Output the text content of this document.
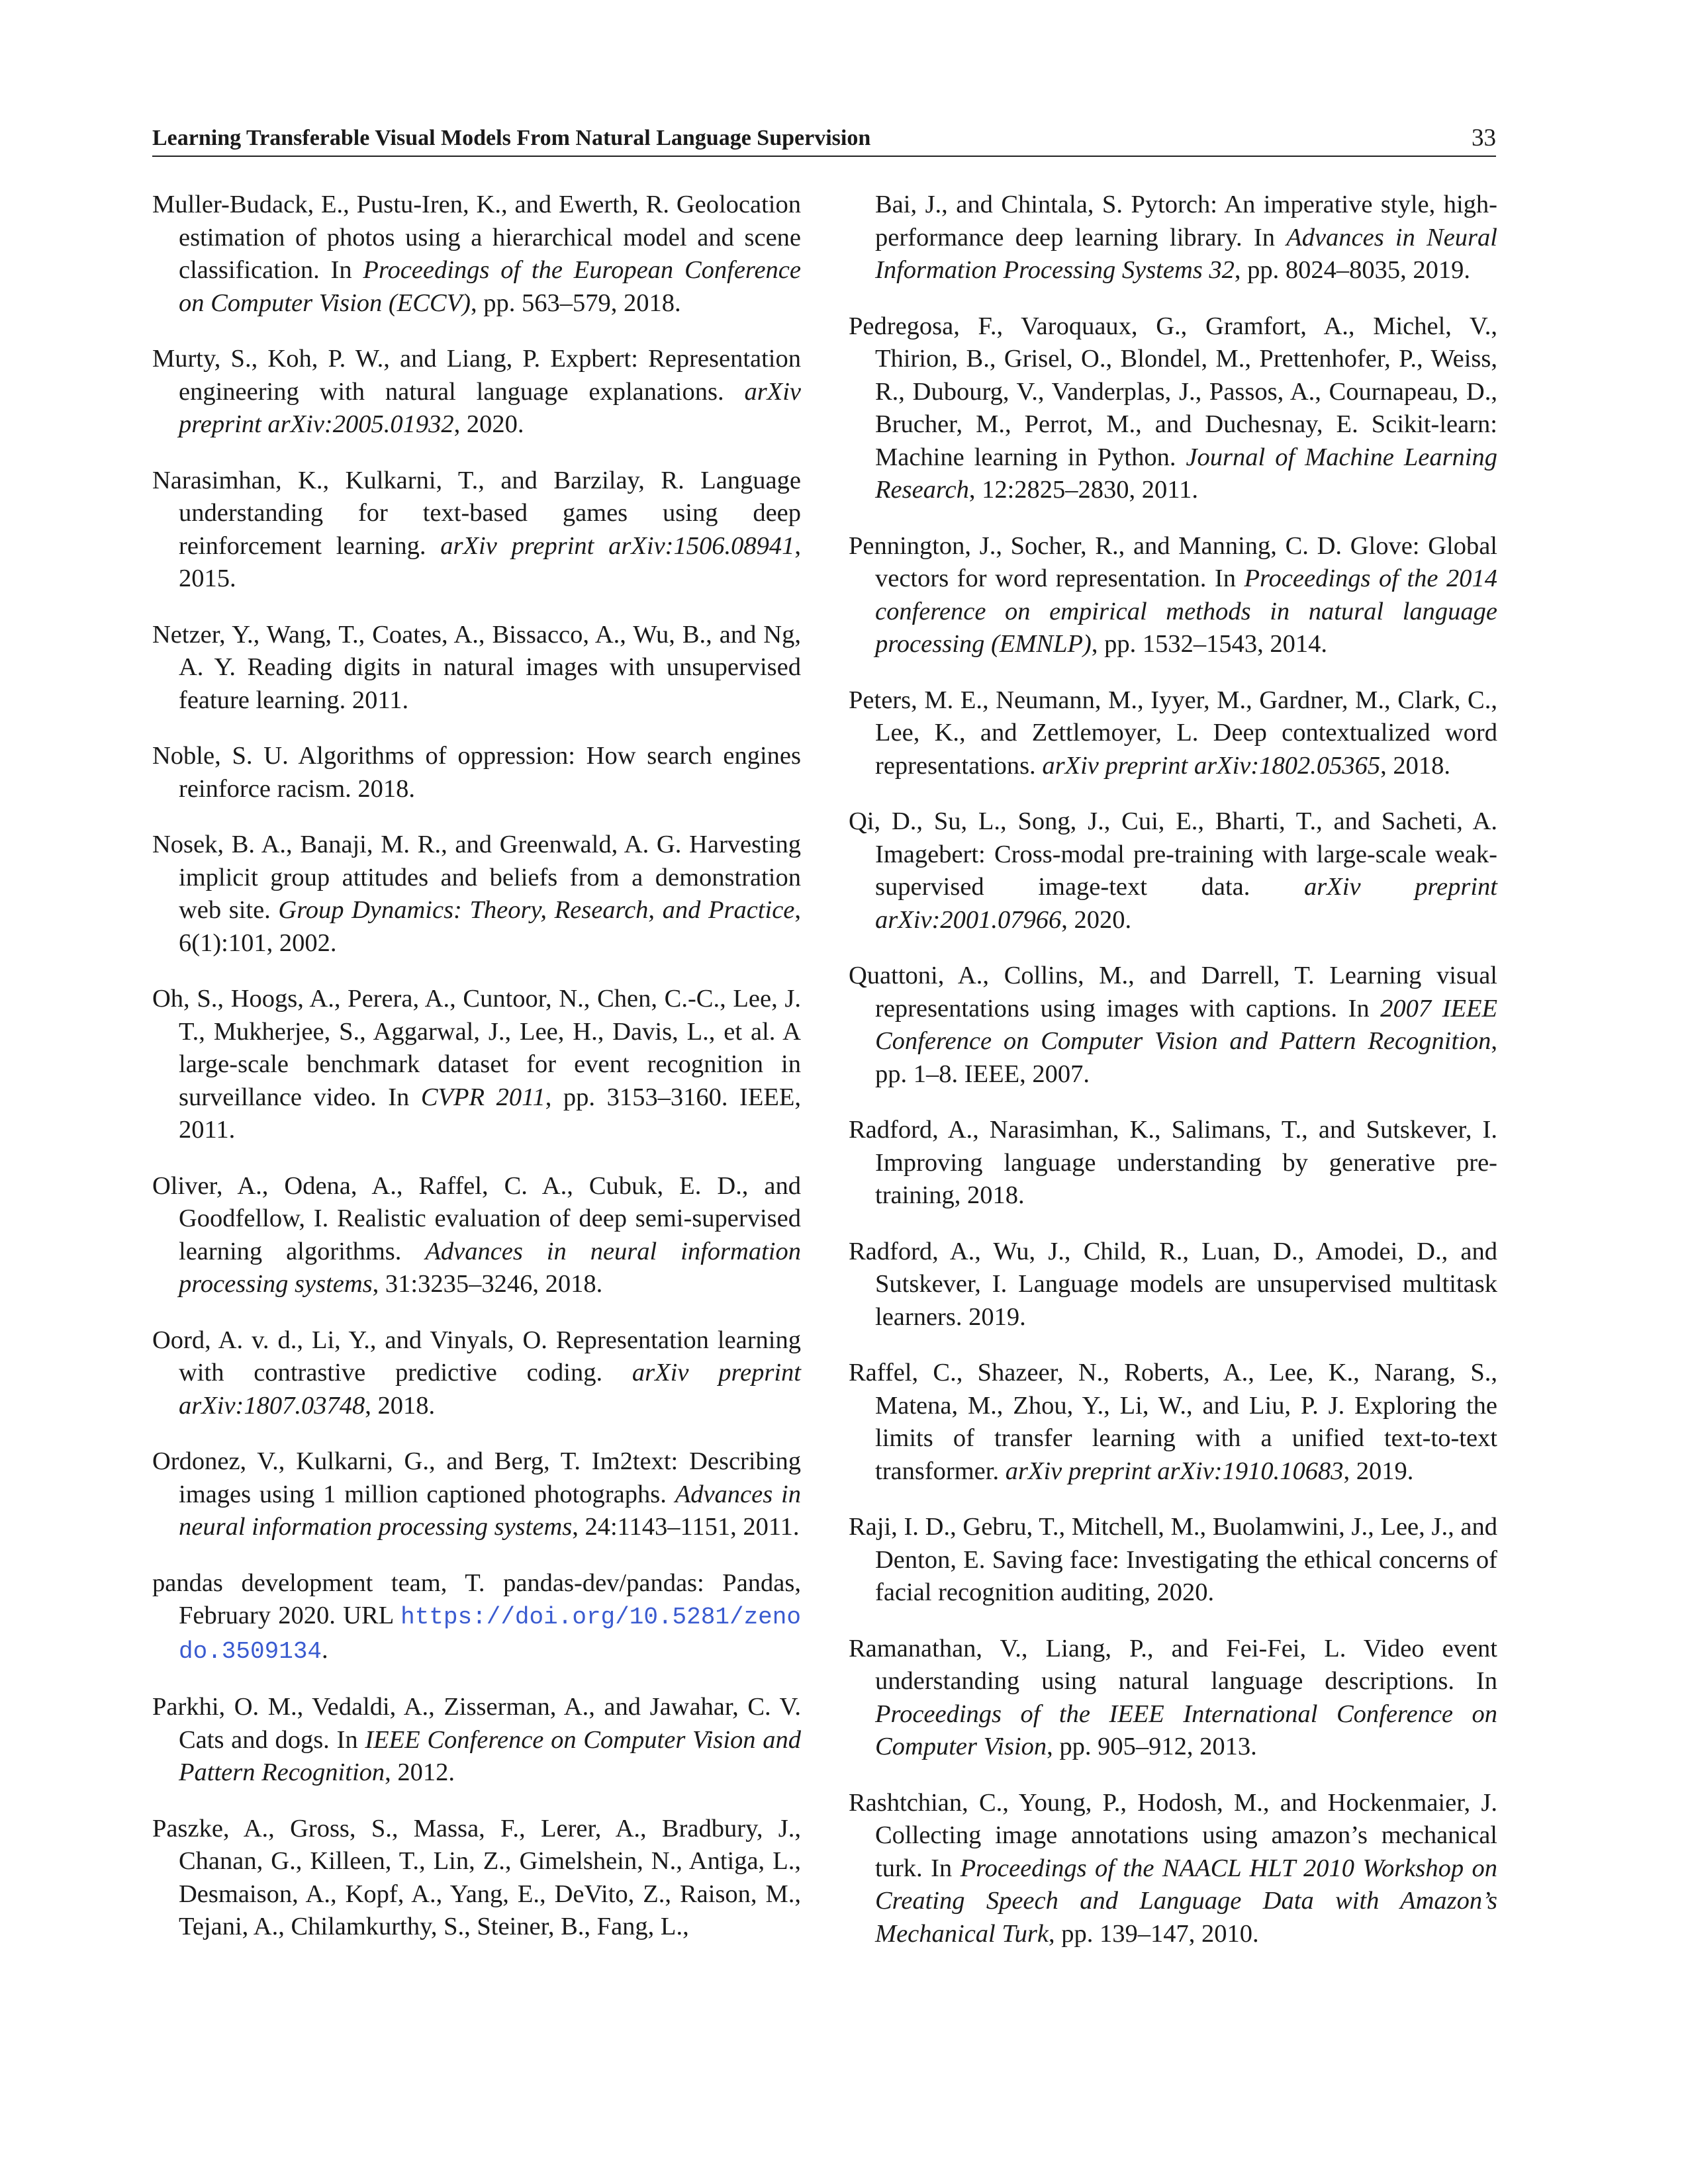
Learning Transferable Visual Models From Natural Language Supervision	33

Muller-Budack, E., Pustu-Iren, K., and Ewerth, R. Geolocation estimation of photos using a hierarchical model and scene classification. In Proceedings of the European Conference on Computer Vision (ECCV), pp. 563–579, 2018.

Murty, S., Koh, P. W., and Liang, P. Expbert: Representation engineering with natural language explanations. arXiv preprint arXiv:2005.01932, 2020.

Narasimhan, K., Kulkarni, T., and Barzilay, R. Language understanding for text-based games using deep reinforcement learning. arXiv preprint arXiv:1506.08941, 2015.

Netzer, Y., Wang, T., Coates, A., Bissacco, A., Wu, B., and Ng, A. Y. Reading digits in natural images with unsupervised feature learning. 2011.

Noble, S. U. Algorithms of oppression: How search engines reinforce racism. 2018.

Nosek, B. A., Banaji, M. R., and Greenwald, A. G. Harvesting implicit group attitudes and beliefs from a demonstration web site. Group Dynamics: Theory, Research, and Practice, 6(1):101, 2002.

Oh, S., Hoogs, A., Perera, A., Cuntoor, N., Chen, C.-C., Lee, J. T., Mukherjee, S., Aggarwal, J., Lee, H., Davis, L., et al. A large-scale benchmark dataset for event recognition in surveillance video. In CVPR 2011, pp. 3153–3160. IEEE, 2011.

Oliver, A., Odena, A., Raffel, C. A., Cubuk, E. D., and Goodfellow, I. Realistic evaluation of deep semi-supervised learning algorithms. Advances in neural information processing systems, 31:3235–3246, 2018.

Oord, A. v. d., Li, Y., and Vinyals, O. Representation learning with contrastive predictive coding. arXiv preprint arXiv:1807.03748, 2018.

Ordonez, V., Kulkarni, G., and Berg, T. Im2text: Describing images using 1 million captioned photographs. Advances in neural information processing systems, 24:1143–1151, 2011.

pandas development team, T. pandas-dev/pandas: Pandas, February 2020. URL https://doi.org/10.5281/zenodo.3509134.

Parkhi, O. M., Vedaldi, A., Zisserman, A., and Jawahar, C. V. Cats and dogs. In IEEE Conference on Computer Vision and Pattern Recognition, 2012.

Paszke, A., Gross, S., Massa, F., Lerer, A., Bradbury, J., Chanan, G., Killeen, T., Lin, Z., Gimelshein, N., Antiga, L., Desmaison, A., Kopf, A., Yang, E., DeVito, Z., Raison, M., Tejani, A., Chilamkurthy, S., Steiner, B., Fang, L.,

Bai, J., and Chintala, S. Pytorch: An imperative style, high-performance deep learning library. In Advances in Neural Information Processing Systems 32, pp. 8024–8035, 2019.

Pedregosa, F., Varoquaux, G., Gramfort, A., Michel, V., Thirion, B., Grisel, O., Blondel, M., Prettenhofer, P., Weiss, R., Dubourg, V., Vanderplas, J., Passos, A., Cournapeau, D., Brucher, M., Perrot, M., and Duchesnay, E. Scikit-learn: Machine learning in Python. Journal of Machine Learning Research, 12:2825–2830, 2011.

Pennington, J., Socher, R., and Manning, C. D. Glove: Global vectors for word representation. In Proceedings of the 2014 conference on empirical methods in natural language processing (EMNLP), pp. 1532–1543, 2014.

Peters, M. E., Neumann, M., Iyyer, M., Gardner, M., Clark, C., Lee, K., and Zettlemoyer, L. Deep contextualized word representations. arXiv preprint arXiv:1802.05365, 2018.

Qi, D., Su, L., Song, J., Cui, E., Bharti, T., and Sacheti, A. Imagebert: Cross-modal pre-training with large-scale weak-supervised image-text data. arXiv preprint arXiv:2001.07966, 2020.

Quattoni, A., Collins, M., and Darrell, T. Learning visual representations using images with captions. In 2007 IEEE Conference on Computer Vision and Pattern Recognition, pp. 1–8. IEEE, 2007.

Radford, A., Narasimhan, K., Salimans, T., and Sutskever, I. Improving language understanding by generative pre-training, 2018.

Radford, A., Wu, J., Child, R., Luan, D., Amodei, D., and Sutskever, I. Language models are unsupervised multitask learners. 2019.

Raffel, C., Shazeer, N., Roberts, A., Lee, K., Narang, S., Matena, M., Zhou, Y., Li, W., and Liu, P. J. Exploring the limits of transfer learning with a unified text-to-text transformer. arXiv preprint arXiv:1910.10683, 2019.

Raji, I. D., Gebru, T., Mitchell, M., Buolamwini, J., Lee, J., and Denton, E. Saving face: Investigating the ethical concerns of facial recognition auditing, 2020.

Ramanathan, V., Liang, P., and Fei-Fei, L. Video event understanding using natural language descriptions. In Proceedings of the IEEE International Conference on Computer Vision, pp. 905–912, 2013.

Rashtchian, C., Young, P., Hodosh, M., and Hockenmaier, J. Collecting image annotations using amazon’s mechanical turk. In Proceedings of the NAACL HLT 2010 Workshop on Creating Speech and Language Data with Amazon’s Mechanical Turk, pp. 139–147, 2010.
